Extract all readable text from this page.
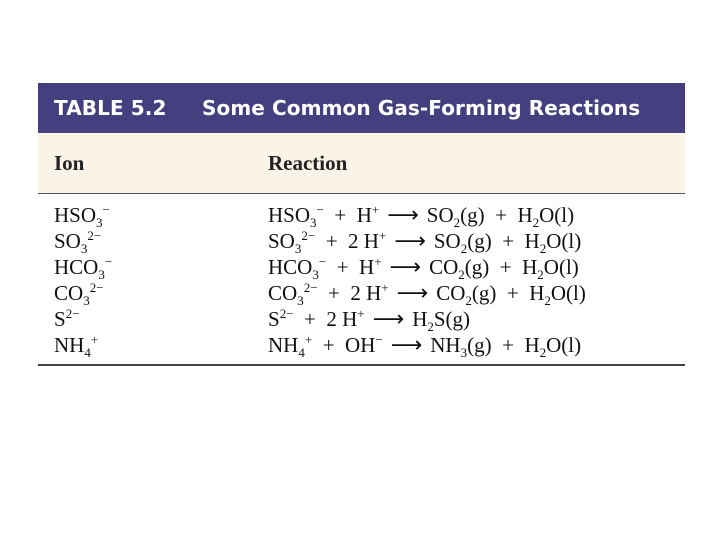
TABLE 5.2	Some Common Gas-Forming Reactions
Ion	Reaction
$HSO_3^-$	$HSO_3^-$ + H+ ⟶ $SO_2(g)$ + $H_2O(l)$
$SO_3^{2-}$	$SO_3^{2-}$ + 2 H+ ⟶ $SO_2(g)$ + $H_2O(l)$
$HCO_3^-$	$HCO_3^-$ + H+ ⟶ $CO_2(g)$ + $H_2O(l)$
$CO_3^{2-}$	$CO_3^{2-}$ + 2 H+ ⟶ $CO_2(g)$ + $H_2O(l)$
$S^{2-}$	$S^{2-}$ + 2 H+ ⟶ $H_2S(g)$
$NH_4^+$	$NH_4^+$ + OH− ⟶ $NH_3(g)$ + $H_2O(l)$
